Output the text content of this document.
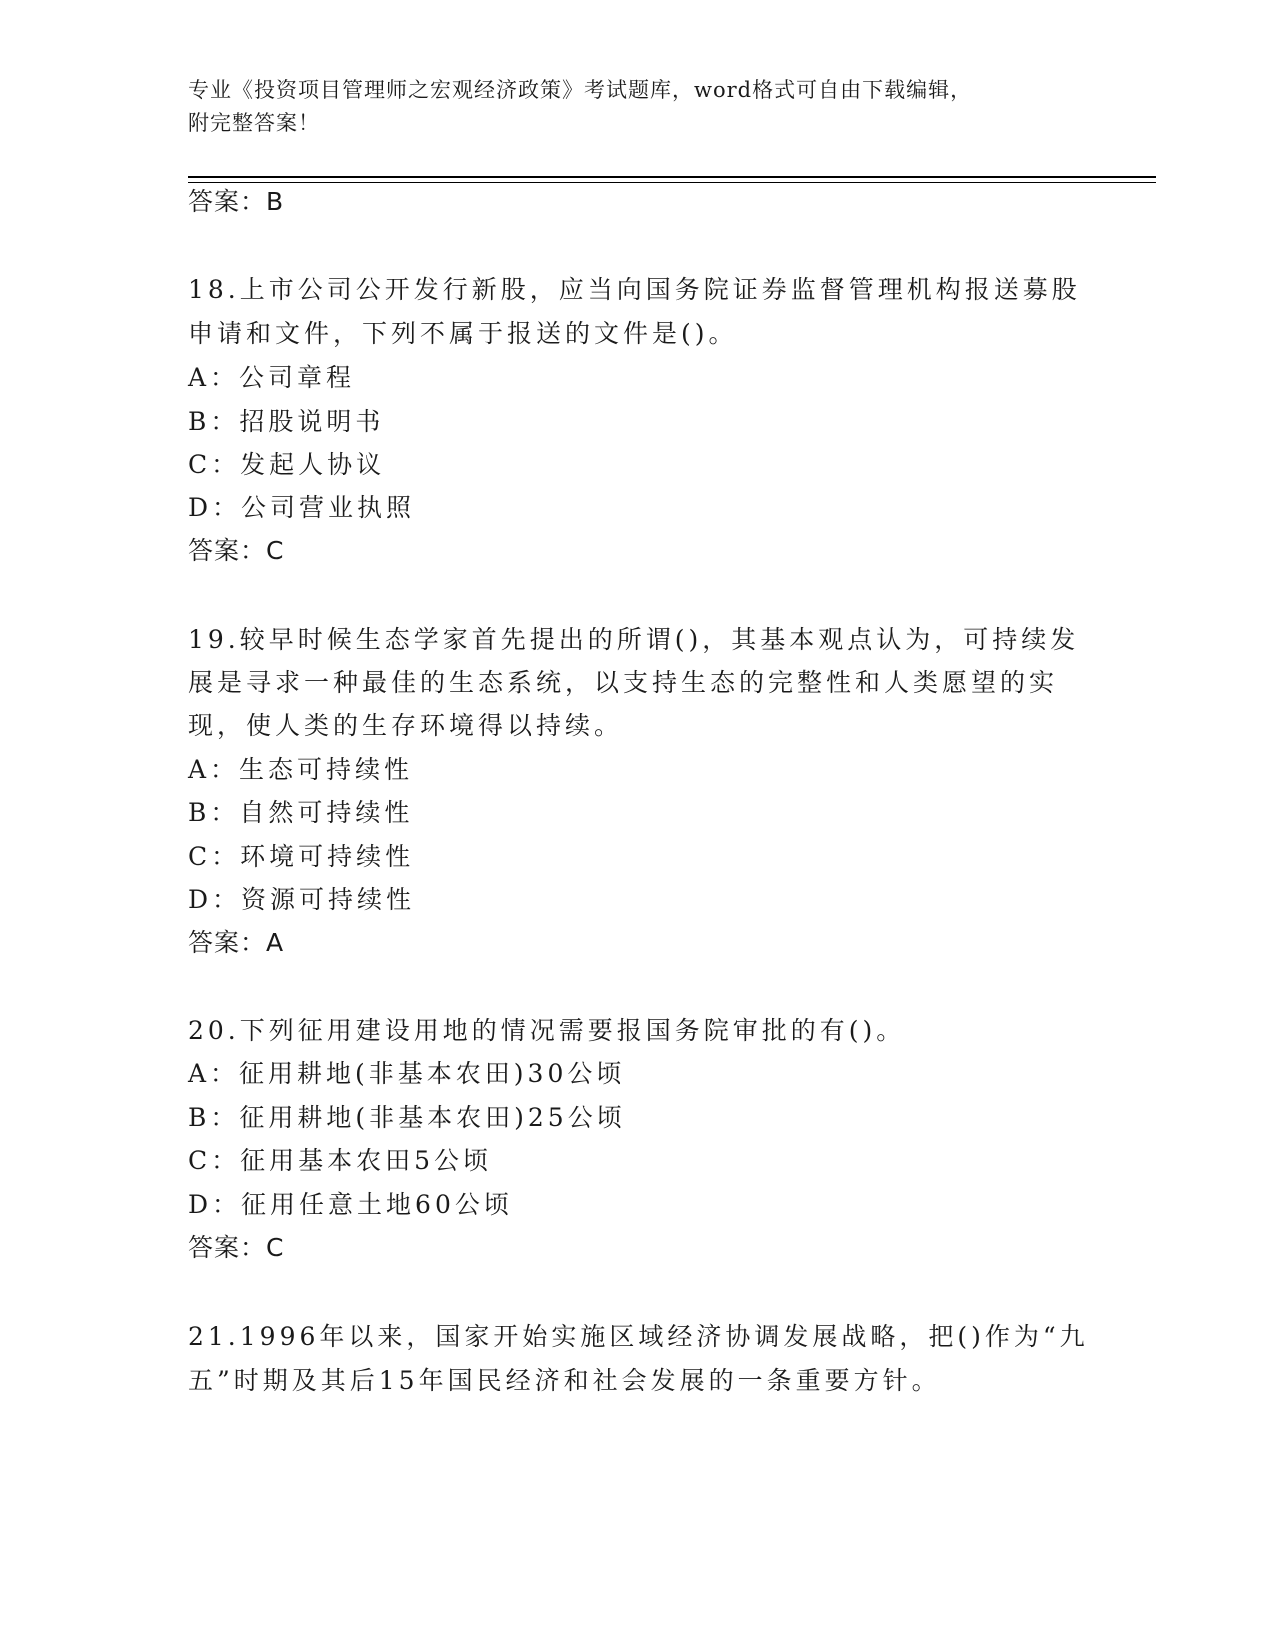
专业《投资项目管理师之宏观经济政策》考试题库，word格式可自由下载编辑，
附完整答案！
答案：B
18.上市公司公开发行新股，应当向国务院证券监督管理机构报送募股
申请和文件，下列不属于报送的文件是()。
A：公司章程
B：招股说明书
C：发起人协议
D：公司营业执照
答案：C
19.较早时候生态学家首先提出的所谓()，其基本观点认为，可持续发
展是寻求一种最佳的生态系统，以支持生态的完整性和人类愿望的实
现，使人类的生存环境得以持续。
A：生态可持续性
B：自然可持续性
C：环境可持续性
D：资源可持续性
答案：A
20.下列征用建设用地的情况需要报国务院审批的有()。
A：征用耕地(非基本农田)30公顷
B：征用耕地(非基本农田)25公顷
C：征用基本农田5公顷
D：征用任意土地60公顷
答案：C
21.1996年以来，国家开始实施区域经济协调发展战略，把()作为“九
五”时期及其后15年国民经济和社会发展的一条重要方针。
